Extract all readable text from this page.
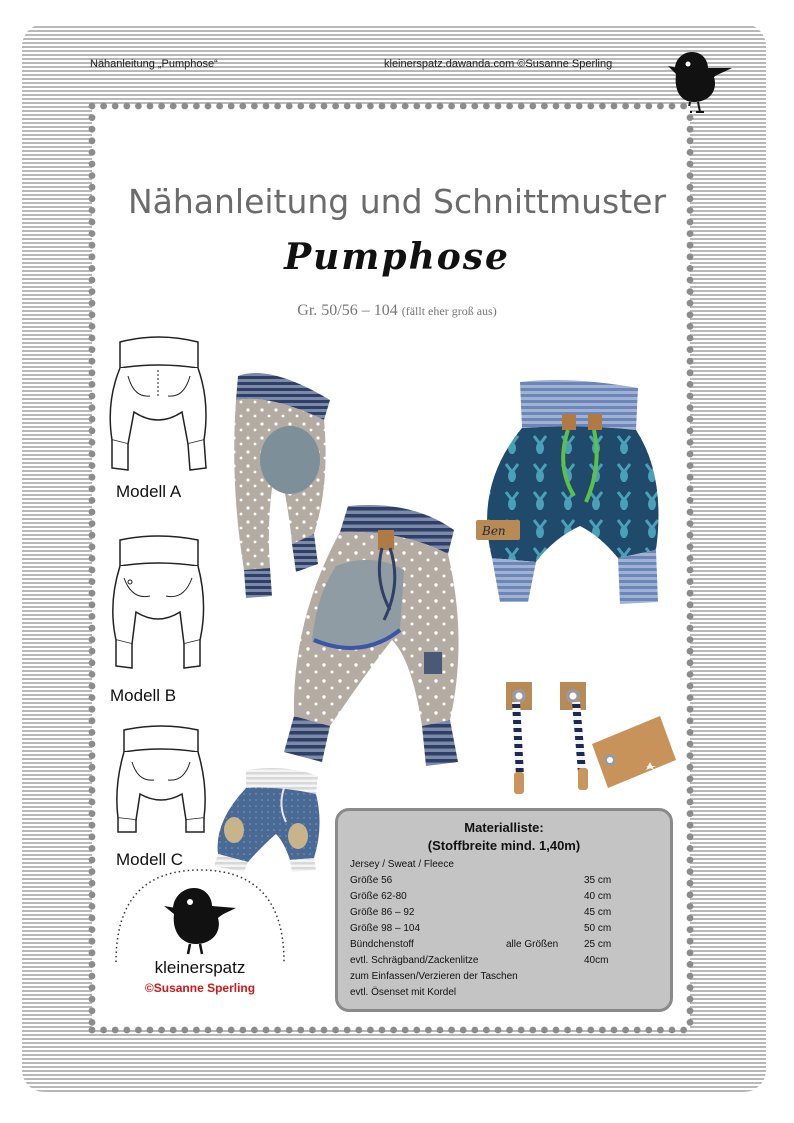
Nähanleitung „Pumphose“	kleinerspatz.dawanda.com ©Susanne Sperling
Nähanleitung und Schnittmuster
Pumphose
Gr. 50/56 – 104 (fällt eher groß aus)
Modell A
Modell B
Modell C
Ben
kleinerspatz
©Susanne Sperling
Materialliste:
(Stoffbreite mind. 1,40m)
Jersey / Sweat / Fleece
Größe 56	35 cm
Größe 62-80	40 cm
Größe 86 – 92	45 cm
Größe 98 – 104	50 cm
Bündchenstoff	alle Größen	25 cm
evtl. Schrägband/Zackenlitze	40cm
zum Einfassen/Verzieren der Taschen
evtl. Ösenset mit Kordel
